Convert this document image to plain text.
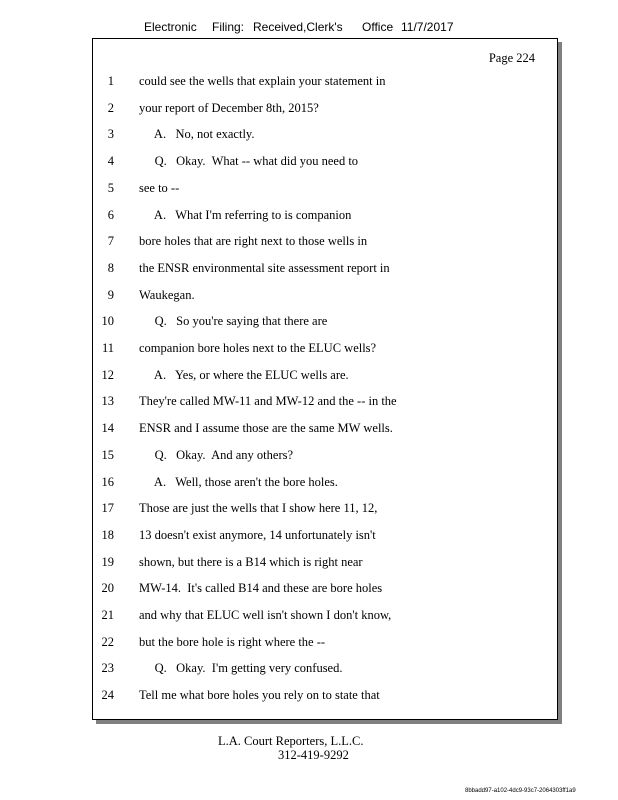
Electronic Filing: Received,Clerk's Office 11/7/2017
Page 224
1 could see the wells that explain your statement in
2 your report of December 8th, 2015?
3 A.   No, not exactly.
4 Q.   Okay.  What -- what did you need to
5 see to --
6 A.   What I'm referring to is companion
7 bore holes that are right next to those wells in
8 the ENSR environmental site assessment report in
9 Waukegan.
10 Q.   So you're saying that there are
11 companion bore holes next to the ELUC wells?
12 A.   Yes, or where the ELUC wells are.
13 They're called MW-11 and MW-12 and the -- in the
14 ENSR and I assume those are the same MW wells.
15 Q.   Okay.  And any others?
16 A.   Well, those aren't the bore holes.
17 Those are just the wells that I show here 11, 12,
18 13 doesn't exist anymore, 14 unfortunately isn't
19 shown, but there is a B14 which is right near
20 MW-14.  It's called B14 and these are bore holes
21 and why that ELUC well isn't shown I don't know,
22 but the bore hole is right where the --
23 Q.   Okay.  I'm getting very confused.
24 Tell me what bore holes you rely on to state that
L.A. Court Reporters, L.L.C.
312-419-9292
8bbadd97-a102-4dc9-93c7-2064303ff1a9
